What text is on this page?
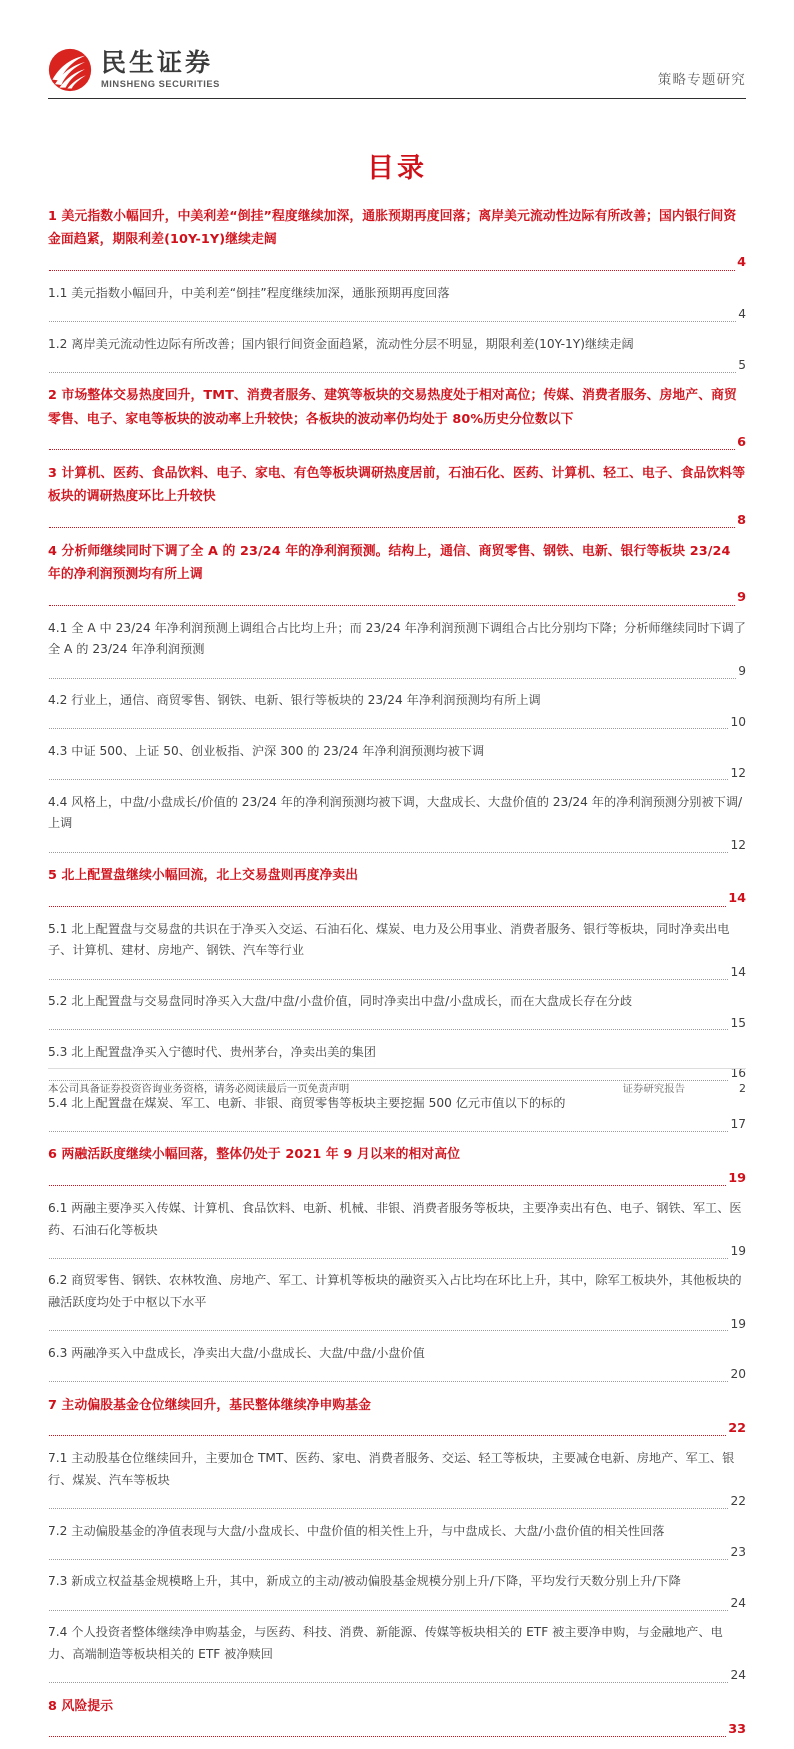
民生证券
MINSHENG SECURITIES	策略专题研究
目录
1 美元指数小幅回升，中美利差“倒挂”程度继续加深，通胀预期再度回落；离岸美元流动性边际有所改善；国内银行间资金面趋紧，期限利差(10Y-1Y)继续走阔
4
1.1 美元指数小幅回升，中美利差“倒挂”程度继续加深，通胀预期再度回落
4
1.2 离岸美元流动性边际有所改善；国内银行间资金面趋紧，流动性分层不明显，期限利差(10Y-1Y)继续走阔
5
2 市场整体交易热度回升，TMT、消费者服务、建筑等板块的交易热度处于相对高位；传媒、消费者服务、房地产、商贸零售、电子、家电等板块的波动率上升较快；各板块的波动率仍均处于 80%历史分位数以下
6
3 计算机、医药、食品饮料、电子、家电、有色等板块调研热度居前，石油石化、医药、计算机、轻工、电子、食品饮料等板块的调研热度环比上升较快
8
4 分析师继续同时下调了全 A 的 23/24 年的净利润预测。结构上，通信、商贸零售、钢铁、电新、银行等板块 23/24 年的净利润预测均有所上调
9
4.1 全 A 中 23/24 年净利润预测上调组合占比均上升；而 23/24 年净利润预测下调组合占比分别均下降；分析师继续同时下调了全 A 的 23/24 年净利润预测
9
4.2 行业上，通信、商贸零售、钢铁、电新、银行等板块的 23/24 年净利润预测均有所上调
10
4.3 中证 500、上证 50、创业板指、沪深 300 的 23/24 年净利润预测均被下调
12
4.4 风格上，中盘/小盘成长/价值的 23/24 年的净利润预测均被下调，大盘成长、大盘价值的 23/24 年的净利润预测分别被下调/上调
12
5 北上配置盘继续小幅回流，北上交易盘则再度净卖出
14
5.1 北上配置盘与交易盘的共识在于净买入交运、石油石化、煤炭、电力及公用事业、消费者服务、银行等板块，同时净卖出电子、计算机、建材、房地产、钢铁、汽车等行业
14
5.2 北上配置盘与交易盘同时净买入大盘/中盘/小盘价值，同时净卖出中盘/小盘成长，而在大盘成长存在分歧
15
5.3 北上配置盘净买入宁德时代、贵州茅台，净卖出美的集团
16
5.4 北上配置盘在煤炭、军工、电新、非银、商贸零售等板块主要挖掘 500 亿元市值以下的标的
17
6 两融活跃度继续小幅回落，整体仍处于 2021 年 9 月以来的相对高位
19
6.1 两融主要净买入传媒、计算机、食品饮料、电新、机械、非银、消费者服务等板块，主要净卖出有色、电子、钢铁、军工、医药、石油石化等板块
19
6.2 商贸零售、钢铁、农林牧渔、房地产、军工、计算机等板块的融资买入占比均在环比上升，其中，除军工板块外，其他板块的融活跃度均处于中枢以下水平
19
6.3 两融净买入中盘成长，净卖出大盘/小盘成长、大盘/中盘/小盘价值
20
7 主动偏股基金仓位继续回升，基民整体继续净申购基金
22
7.1 主动股基仓位继续回升，主要加仓 TMT、医药、家电、消费者服务、交运、轻工等板块，主要减仓电新、房地产、军工、银行、煤炭、汽车等板块
22
7.2 主动偏股基金的净值表现与大盘/小盘成长、中盘价值的相关性上升，与中盘成长、大盘/小盘价值的相关性回落
23
7.3 新成立权益基金规模略上升，其中，新成立的主动/被动偏股基金规模分别上升/下降，平均发行天数分别上升/下降
24
7.4 个人投资者整体继续净申购基金，与医药、科技、消费、新能源、传媒等板块相关的 ETF 被主要净申购，与金融地产、电力、高端制造等板块相关的 ETF 被净赎回
24
8 风险提示
33
本公司具备证券投资咨询业务资格，请务必阅读最后一页免责声明	证券研究报告	2
